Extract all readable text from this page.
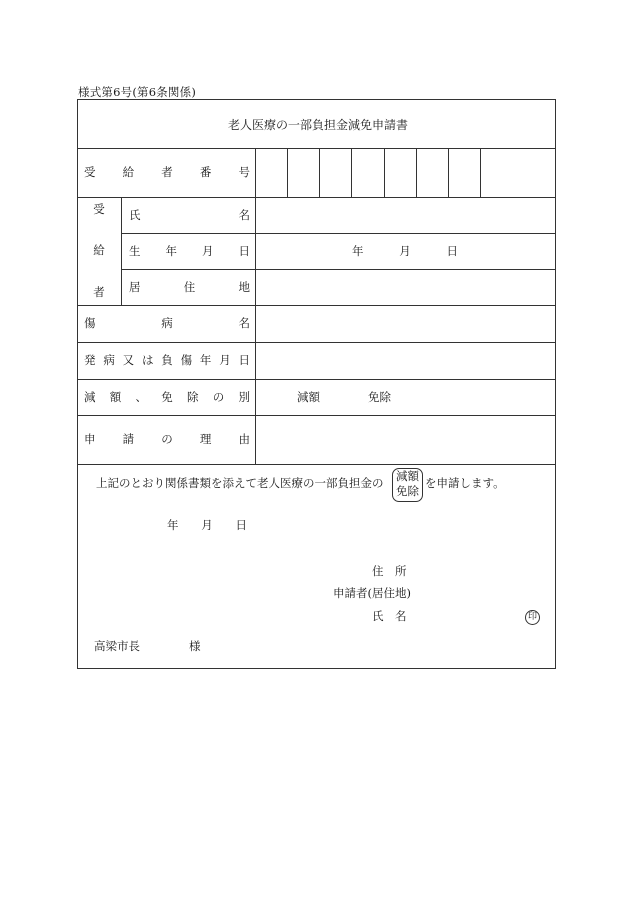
様式第6号(第6条関係)
老人医療の一部負担金減免申請書
受 給 者 番 号
受
給
者
氏	名
生 年 月 日	年	月	日
居	住	地
傷	病	名
発 病 又 は 負 傷 年 月 日
減 額 、 免 除 の 別	減額	免除
申 請 の 理 由
上記のとおり関係書類を添えて老人医療の一部負担金の 減額
免除
を申請します。
年 月 日
住　所
申請者(居住地)
氏　名	印
高梁市長	様
